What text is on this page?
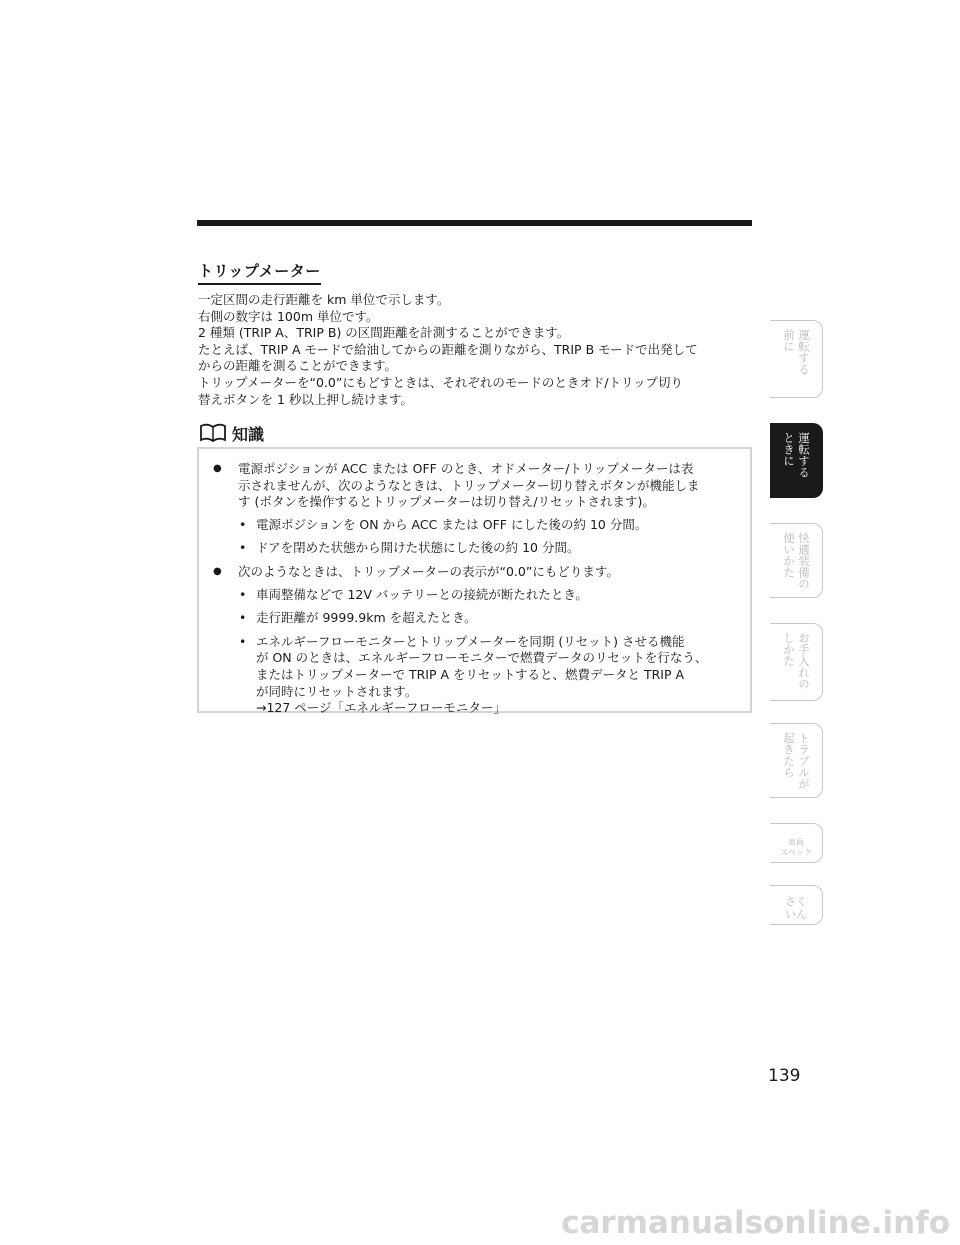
トリップメーター

一定区間の走行距離を km 単位で示します。

右側の数字は 100m 単位です。

2 種類 (TRIP A、TRIP B) の区間距離を計測することができます。

たとえば、TRIP A モードで給油してからの距離を測りながら、TRIP B モードで出発して

からの距離を測ることができます。

トリップメーターを“0.0”にもどすときは、それぞれのモードのときオド/トリップ切り

替えボタンを 1 秒以上押し続けます。

知識
● 電源ポジションが ACC または OFF のとき、オドメーター/トリップメーターは表
示されませんが、次のようなときは、トリップメーター切り替えボタンが機能しま
す (ボタンを操作するとトリップメーターは切り替え/リセットされます)。
• 電源ポジションを ON から ACC または OFF にした後の約 10 分間。
• ドアを閉めた状態から開けた状態にした後の約 10 分間。
● 次のようなときは、トリップメーターの表示が“0.0”にもどります。
• 車両整備などで 12V バッテリーとの接続が断たれたとき。
• 走行距離が 9999.9km を超えたとき。
• エネルギーフローモニターとトリップメーターを同期 (リセット) させる機能
が ON のときは、エネルギーフローモニターで燃費データのリセットを行なう、
またはトリップメーターで TRIP A をリセットすると、燃費データと TRIP A
が同時にリセットされます。
→127 ページ「エネルギーフローモニター」
運転する
前に
運転する
ときに
快適装備の
使いかた
お手入れの
しかた
トラブルが
起きたら
車両
スペック
さく
いん
139
carmanualsonline.info
